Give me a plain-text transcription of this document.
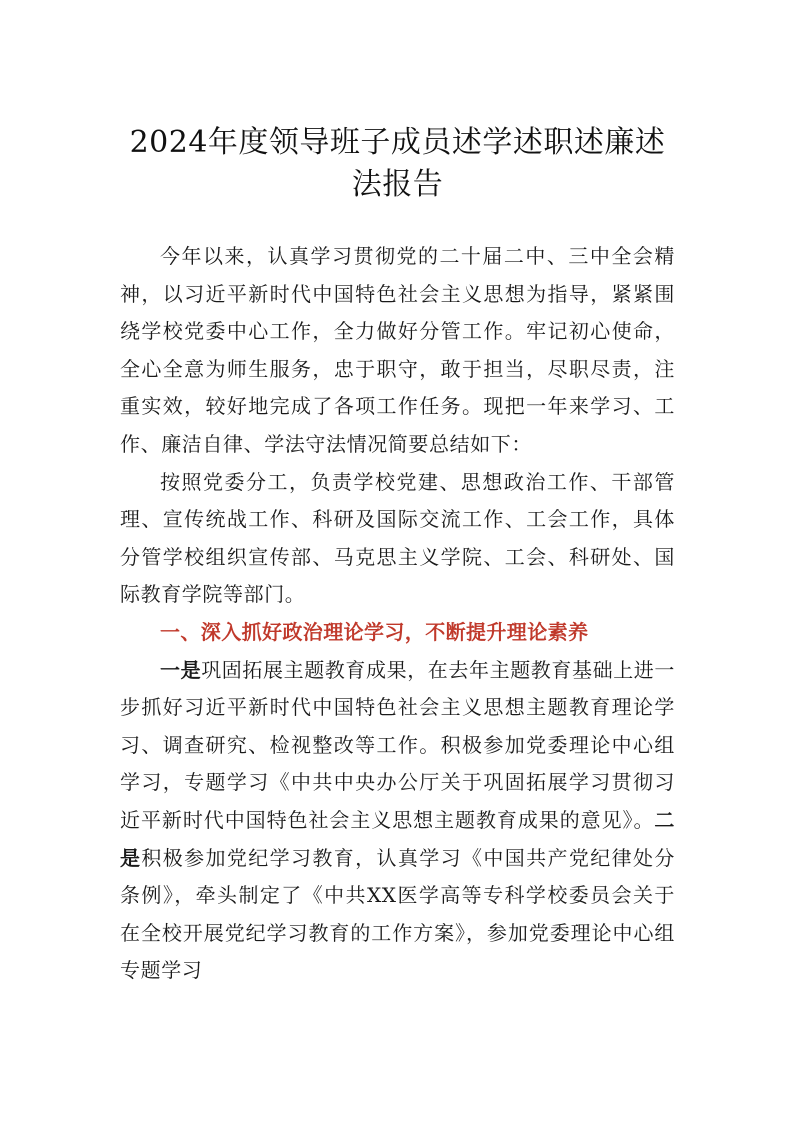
2024年度领导班子成员述学述职述廉述法报告

今年以来，认真学习贯彻党的二十届二中、三中全会精神，以习近平新时代中国特色社会主义思想为指导，紧紧围绕学校党委中心工作，全力做好分管工作。牢记初心使命，全心全意为师生服务，忠于职守，敢于担当，尽职尽责，注重实效，较好地完成了各项工作任务。现把一年来学习、工作、廉洁自律、学法守法情况简要总结如下：

按照党委分工，负责学校党建、思想政治工作、干部管理、宣传统战工作、科研及国际交流工作、工会工作，具体分管学校组织宣传部、马克思主义学院、工会、科研处、国际教育学院等部门。

一、深入抓好政治理论学习，不断提升理论素养

一是巩固拓展主题教育成果，在去年主题教育基础上进一步抓好习近平新时代中国特色社会主义思想主题教育理论学习、调查研究、检视整改等工作。积极参加党委理论中心组学习，专题学习《中共中央办公厅关于巩固拓展学习贯彻习近平新时代中国特色社会主义思想主题教育成果的意见》。二是积极参加党纪学习教育，认真学习《中国共产党纪律处分条例》，牵头制定了《中共XX医学高等专科学校委员会关于在全校开展党纪学习教育的工作方案》，参加党委理论中心组专题学习
